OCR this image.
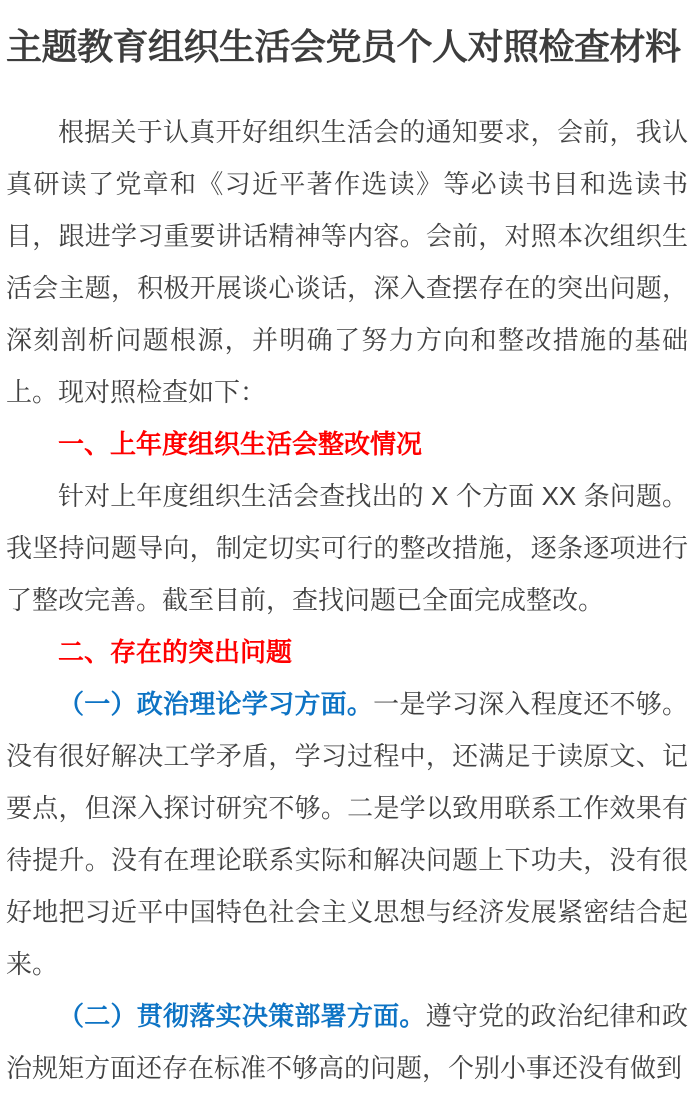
主题教育组织生活会党员个人对照检查材料

根据关于认真开好组织生活会的通知要求，会前，我认真研读了党章和《习近平著作选读》等必读书目和选读书目，跟进学习重要讲话精神等内容。会前，对照本次组织生活会主题，积极开展谈心谈话，深入查摆存在的突出问题，深刻剖析问题根源，并明确了努力方向和整改措施的基础上。现对照检查如下：

一、上年度组织生活会整改情况

针对上年度组织生活会查找出的 X 个方面 XX 条问题。我坚持问题导向，制定切实可行的整改措施，逐条逐项进行了整改完善。截至目前，查找问题已全面完成整改。

二、存在的突出问题

（一）政治理论学习方面。一是学习深入程度还不够。没有很好解决工学矛盾，学习过程中，还满足于读原文、记要点，但深入探讨研究不够。二是学以致用联系工作效果有待提升。没有在理论联系实际和解决问题上下功夫，没有很好地把习近平中国特色社会主义思想与经济发展紧密结合起来。

（二）贯彻落实决策部署方面。遵守党的政治纪律和政治规矩方面还存在标准不够高的问题，个别小事还没有做到
